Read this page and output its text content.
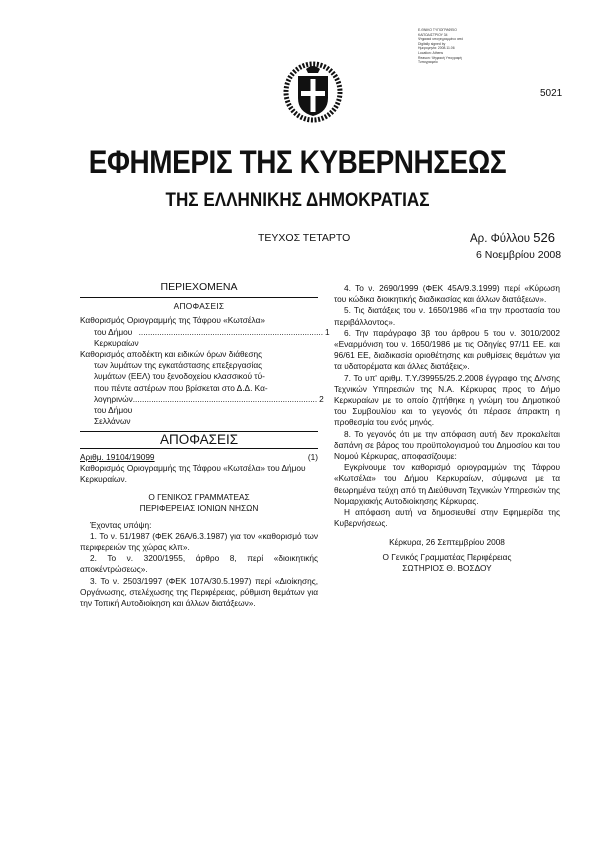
Ε.ΘΝΙΚΟ ΤΥΠΟΓΡΑΦΕΙΟ
ΚΑΠΟΔΙΣΤΡΙΟΥ 34
Ψηφιακά υπογεγραμμένο από
Digitally signed by
Ημερομηνία: 2008.11.06
Location: Athens
Reason: Ψηφιακή Υπογραφή
Τυπογραφείο
5021
ΕΦΗΜΕΡΙΣ ΤΗΣ ΚΥΒΕΡΝΗΣΕΩΣ
ΤΗΣ ΕΛΛΗΝΙΚΗΣ ΔΗΜΟΚΡΑΤΙΑΣ
ΤΕΥΧΟΣ ΤΕΤΑΡΤΟ	Αρ. Φύλλου 526
6 Νοεμβρίου 2008
ΠΕΡΙΕΧΟΜΕΝΑ
ΑΠΟΦΑΣΕΙΣ
Καθορισμός Οριογραμμής της Τάφρου «Κωτσέλα»
του Δήμου Κερκυραίων
................................................................................ 1
Καθορισμός αποδέκτη και ειδικών όρων διάθεσης
των λυμάτων της εγκατάστασης επεξεργασίας
λυμάτων (ΕΕΛ) του ξενοδοχείου κλασσικού τύ-
που πέντε αστέρων που βρίσκεται στο Δ.Δ. Κα-
λογηρινών του Δήμου Σελλάνων
................................................................................ 2
ΑΠΟΦΑΣΕΙΣ
Αριθμ. 19104/19099	(1)

Καθορισμός Οριογραμμής της Τάφρου «Κωτσέλα» του Δήμου Κερκυραίων.

Ο ΓΕΝΙΚΟΣ ΓΡΑΜΜΑΤΕΑΣ
ΠΕΡΙΦΕΡΕΙΑΣ ΙΟΝΙΩΝ ΝΗΣΩΝ

Έχοντας υπόψη:

1. Το ν. 51/1987 (ΦΕΚ 26Α/6.3.1987) για τον «καθορισμό των περιφερειών της χώρας κλπ».

2. Το ν. 3200/1955, άρθρο 8, περί «διοικητικής αποκέντρώσεως».

3. Το ν. 2503/1997 (ΦΕΚ 107Α/30.5.1997) περί «Διοίκησης, Οργάνωσης, στελέχωσης της Περιφέρειας, ρύθμιση θεμάτων για την Τοπική Αυτοδιοίκηση και άλλων διατάξεων».

4. Το ν. 2690/1999 (ΦΕΚ 45Α/9.3.1999) περί «Κύρωση του κώδικα διοικητικής διαδικασίας και άλλων διατάξεων».

5. Τις διατάξεις του ν. 1650/1986 «Για την προστασία του περιβάλλοντος».

6. Την παράγραφο 3β του άρθρου 5 του ν. 3010/2002 «Εναρμόνιση του ν. 1650/1986 με τις Οδηγίες 97/11 ΕΕ. και 96/61 ΕΕ, διαδικασία οριοθέτησης και ρυθμίσεις θεμάτων για τα υδατορέματα και άλλες διατάξεις».

7. Το υπ' αριθμ. Τ.Υ./39955/25.2.2008 έγγραφο της Δ/νσης Τεχνικών Υπηρεσιών της Ν.Α. Κέρκυρας προς το Δήμο Κερκυραίων με το οποίο ζητήθηκε η γνώμη του Δημοτικού του Συμβουλίου και το γεγονός ότι πέρασε άπρακτη η προθεσμία του ενός μηνός.

8. Το γεγονός ότι με την απόφαση αυτή δεν προκαλείται δαπάνη σε βάρος του προϋπολογισμού του Δημοσίου και του Νομού Κέρκυρας, αποφασίζουμε:

Εγκρίνουμε τον καθορισμό οριογραμμών της Τάφρου «Κωτσέλα» του Δήμου Κερκυραίων, σύμφωνα με τα θεωρημένα τεύχη από τη Διεύθυνση Τεχνικών Υπηρεσιών της Νομαρχιακής Αυτοδιοίκησης Κέρκυρας.

Η απόφαση αυτή να δημοσιευθεί στην Εφημερίδα της Κυβερνήσεως.

Κέρκυρα, 26 Σεπτεμβρίου 2008
Ο Γενικός Γραμματέας Περιφέρειας
ΣΩΤΗΡΙΟΣ Θ. ΒΟΣΔΟΥ
